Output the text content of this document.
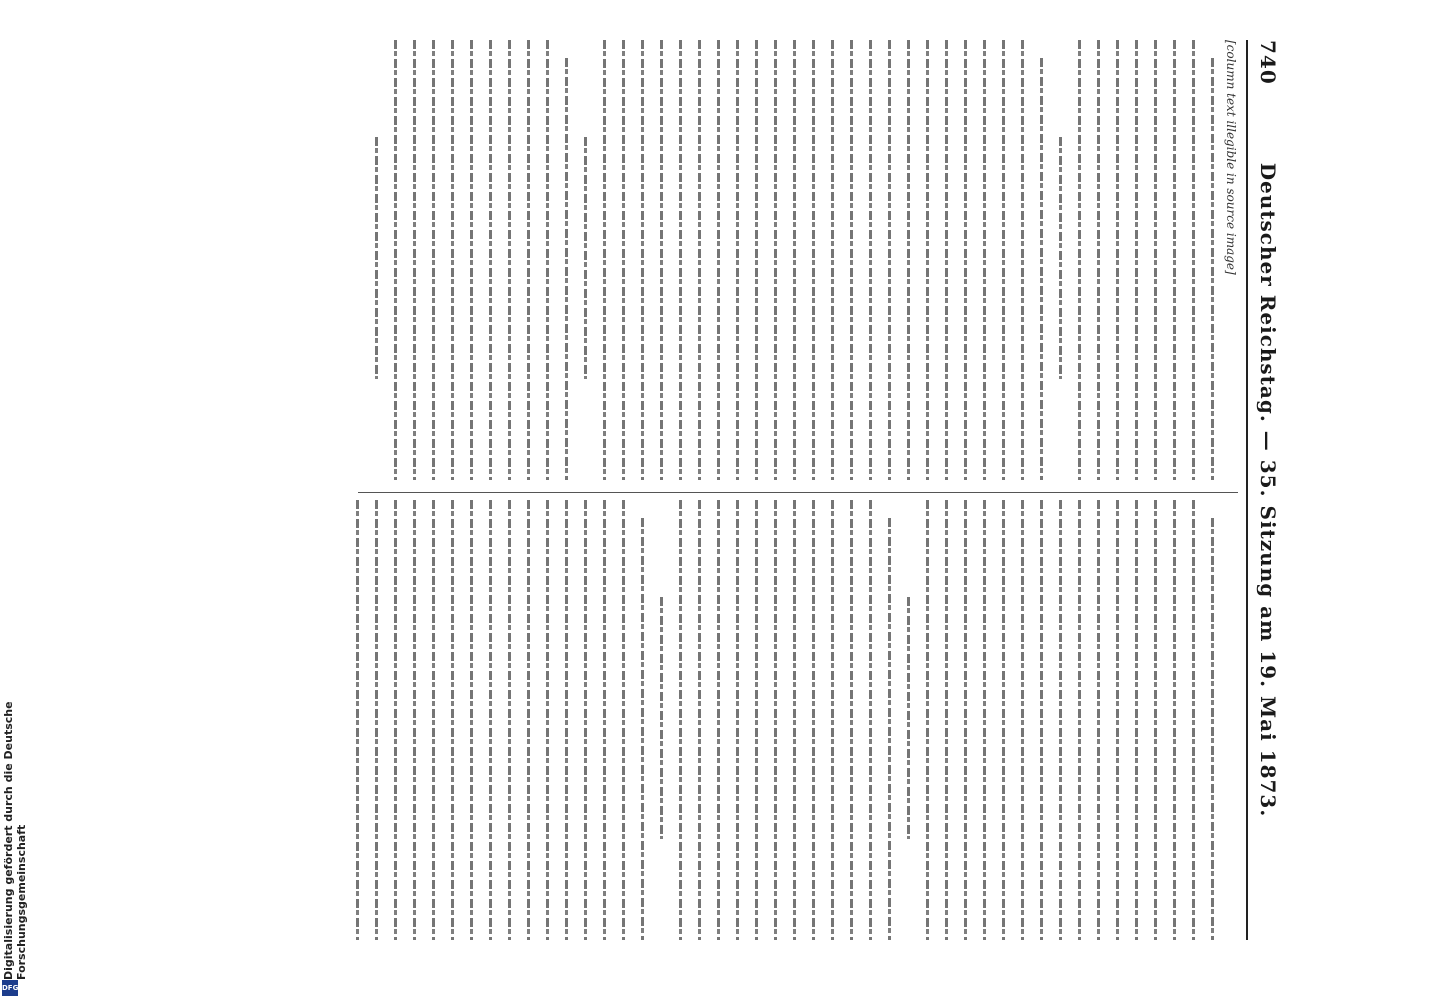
Digitalisierung gefördert durch die Deutsche Forschungsgemeinschaft
DFG
740
Deutscher Reichstag. — 35. Sitzung am 19. Mai 1873.
[column text illegible in source image]
